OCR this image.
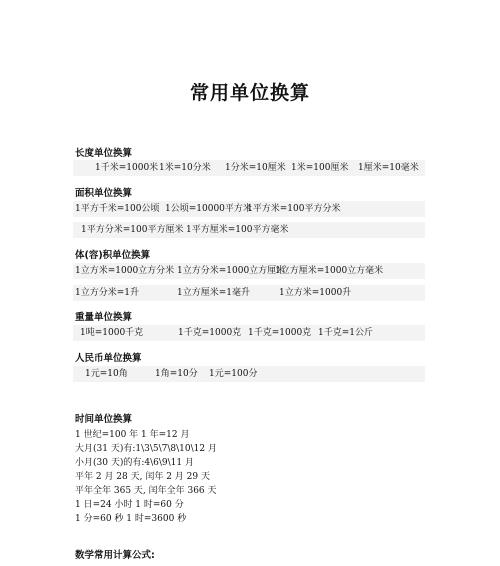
常用单位换算
长度单位换算
1千米=1000米 1米=10分米 1分米=10厘米 1米=100厘米 1厘米=10毫米
面积单位换算
1平方千米=100公顷 1公顷=10000平方米
1平方米=100平方分米
1平方分米=100平方厘米 1平方厘米=100平方毫米
体(容)积单位换算
1立方米=1000立方分米 1立方分米=1000立方厘米
1立方厘米=1000立方毫米
1立方分米=1升	1立方厘米=1毫升	1立方米=1000升
重量单位换算
1吨=1000千克	1千克=1000克 1千克=1000克 1千克=1公斤
人民币单位换算
1元=10角	1角=10分 1元=100分
时间单位换算
1 世纪=100 年 1 年=12 月
大月(31 天)有:1\3\5\7\8\10\12 月
小月(30 天)的有:4\6\9\11 月
平年 2 月 28 天, 闰年 2 月 29 天
平年全年 365 天, 闰年全年 366 天
1 日=24 小时 1 时=60 分
1 分=60 秒 1 时=3600 秒
数学常用计算公式:
